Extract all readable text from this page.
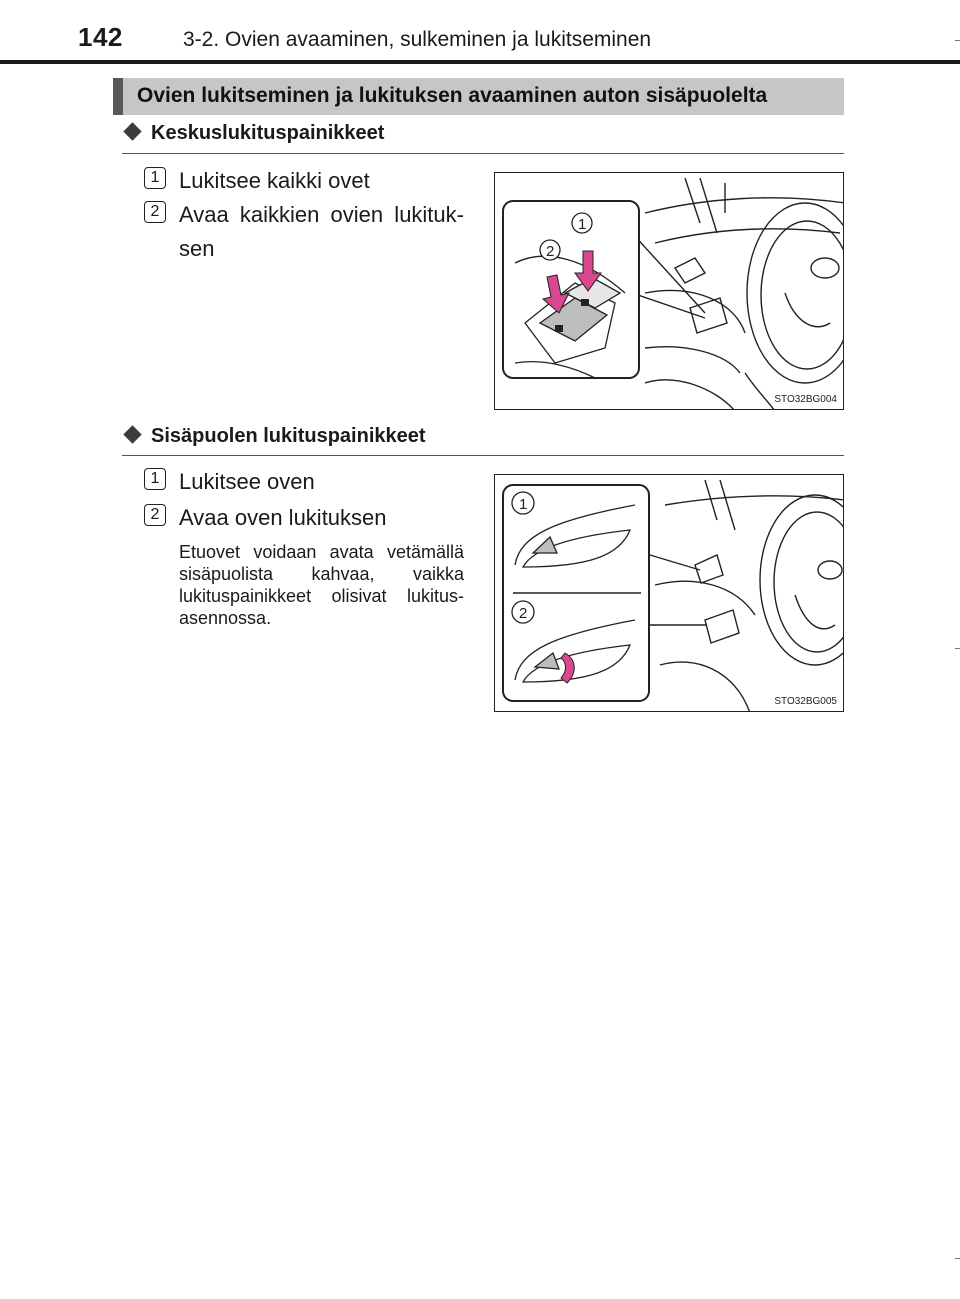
142	3-2. Ovien avaaminen, sulkeminen ja lukitseminen
Ovien lukitseminen ja lukituksen avaaminen auton sisäpuolelta
Keskuslukituspainikkeet
1 Lukitsee kaikki ovet
2 Avaa kaikkien ovien lukituksen
1
2
STO32BG004
Sisäpuolen lukituspainikkeet
1 Lukitsee oven
2 Avaa oven lukituksen
Etuovet voidaan avata vetämällä sisäpuolista kahvaa, vaikka lukituspainikkeet olisivat lukitusasennossa.
1
2
STO32BG005
